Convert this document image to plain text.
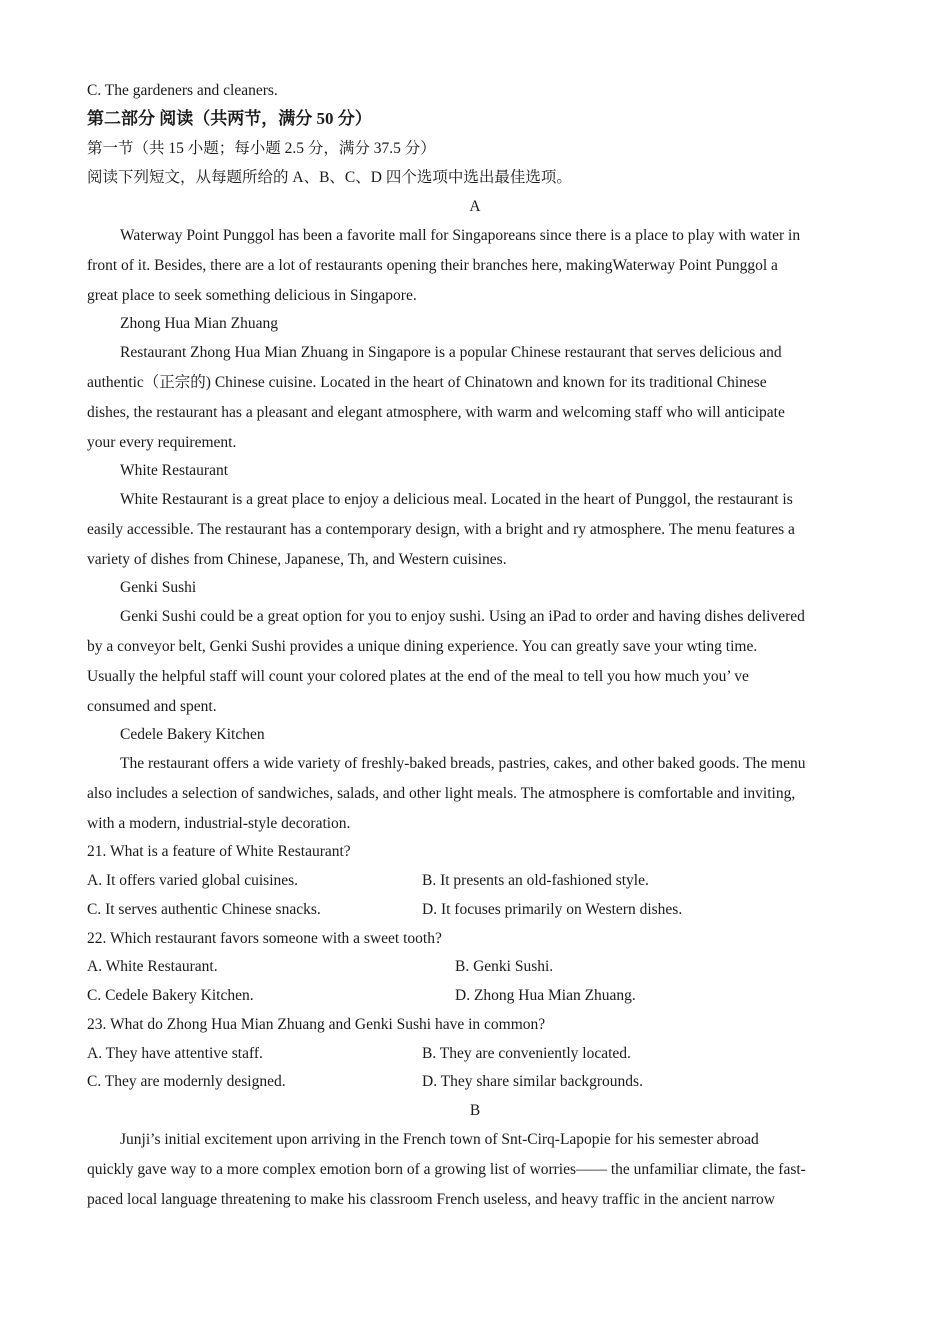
C. The gardeners and cleaners.
第二部分 阅读（共两节，满分 50 分）
第一节（共 15 小题；每小题 2.5 分，满分 37.5 分）
阅读下列短文，从每题所给的 A、B、C、D 四个选项中选出最佳选项。
A
Waterway Point Punggol has been a favorite mall for Singaporeans since there is a place to play with water in
front of it. Besides, there are a lot of restaurants opening their branches here, makingWaterway Point Punggol a
great place to seek something delicious in Singapore.
Zhong Hua Mian Zhuang
Restaurant Zhong Hua Mian Zhuang in Singapore is a popular Chinese restaurant that serves delicious and
authentic（正宗的) Chinese cuisine. Located in the heart of Chinatown and known for its traditional Chinese
dishes, the restaurant has a pleasant and elegant atmosphere, with warm and welcoming staff who will anticipate
your every requirement.
White Restaurant
White Restaurant is a great place to enjoy a delicious meal. Located in the heart of Punggol, the restaurant is
easily accessible. The restaurant has a contemporary design, with a bright and ry atmosphere. The menu features a
variety of dishes from Chinese, Japanese, Th, and Western cuisines.
Genki Sushi
Genki Sushi could be a great option for you to enjoy sushi. Using an iPad to order and having dishes delivered
by a conveyor belt, Genki Sushi provides a unique dining experience. You can greatly save your wting time.
Usually the helpful staff will count your colored plates at the end of the meal to tell you how much you’ ve
consumed and spent.
Cedele Bakery Kitchen
The restaurant offers a wide variety of freshly-baked breads, pastries, cakes, and other baked goods. The menu
also includes a selection of sandwiches, salads, and other light meals. The atmosphere is comfortable and inviting,
with a modern, industrial-style decoration.
21. What is a feature of White Restaurant?
A. It offers varied global cuisines.	B. It presents an old-fashioned style.
C. It serves authentic Chinese snacks.	D. It focuses primarily on Western dishes.
22. Which restaurant favors someone with a sweet tooth?
A. White Restaurant.	B. Genki Sushi.
C. Cedele Bakery Kitchen.	D. Zhong Hua Mian Zhuang.
23. What do Zhong Hua Mian Zhuang and Genki Sushi have in common?
A. They have attentive staff.	B. They are conveniently located.
C. They are modernly designed.	D. They share similar backgrounds.
B
Junji’s initial excitement upon arriving in the French town of Snt-Cirq-Lapopie for his semester abroad
quickly gave way to a more complex emotion born of a growing list of worries—— the unfamiliar climate, the fast-
paced local language threatening to make his classroom French useless, and heavy traffic in the ancient narrow
